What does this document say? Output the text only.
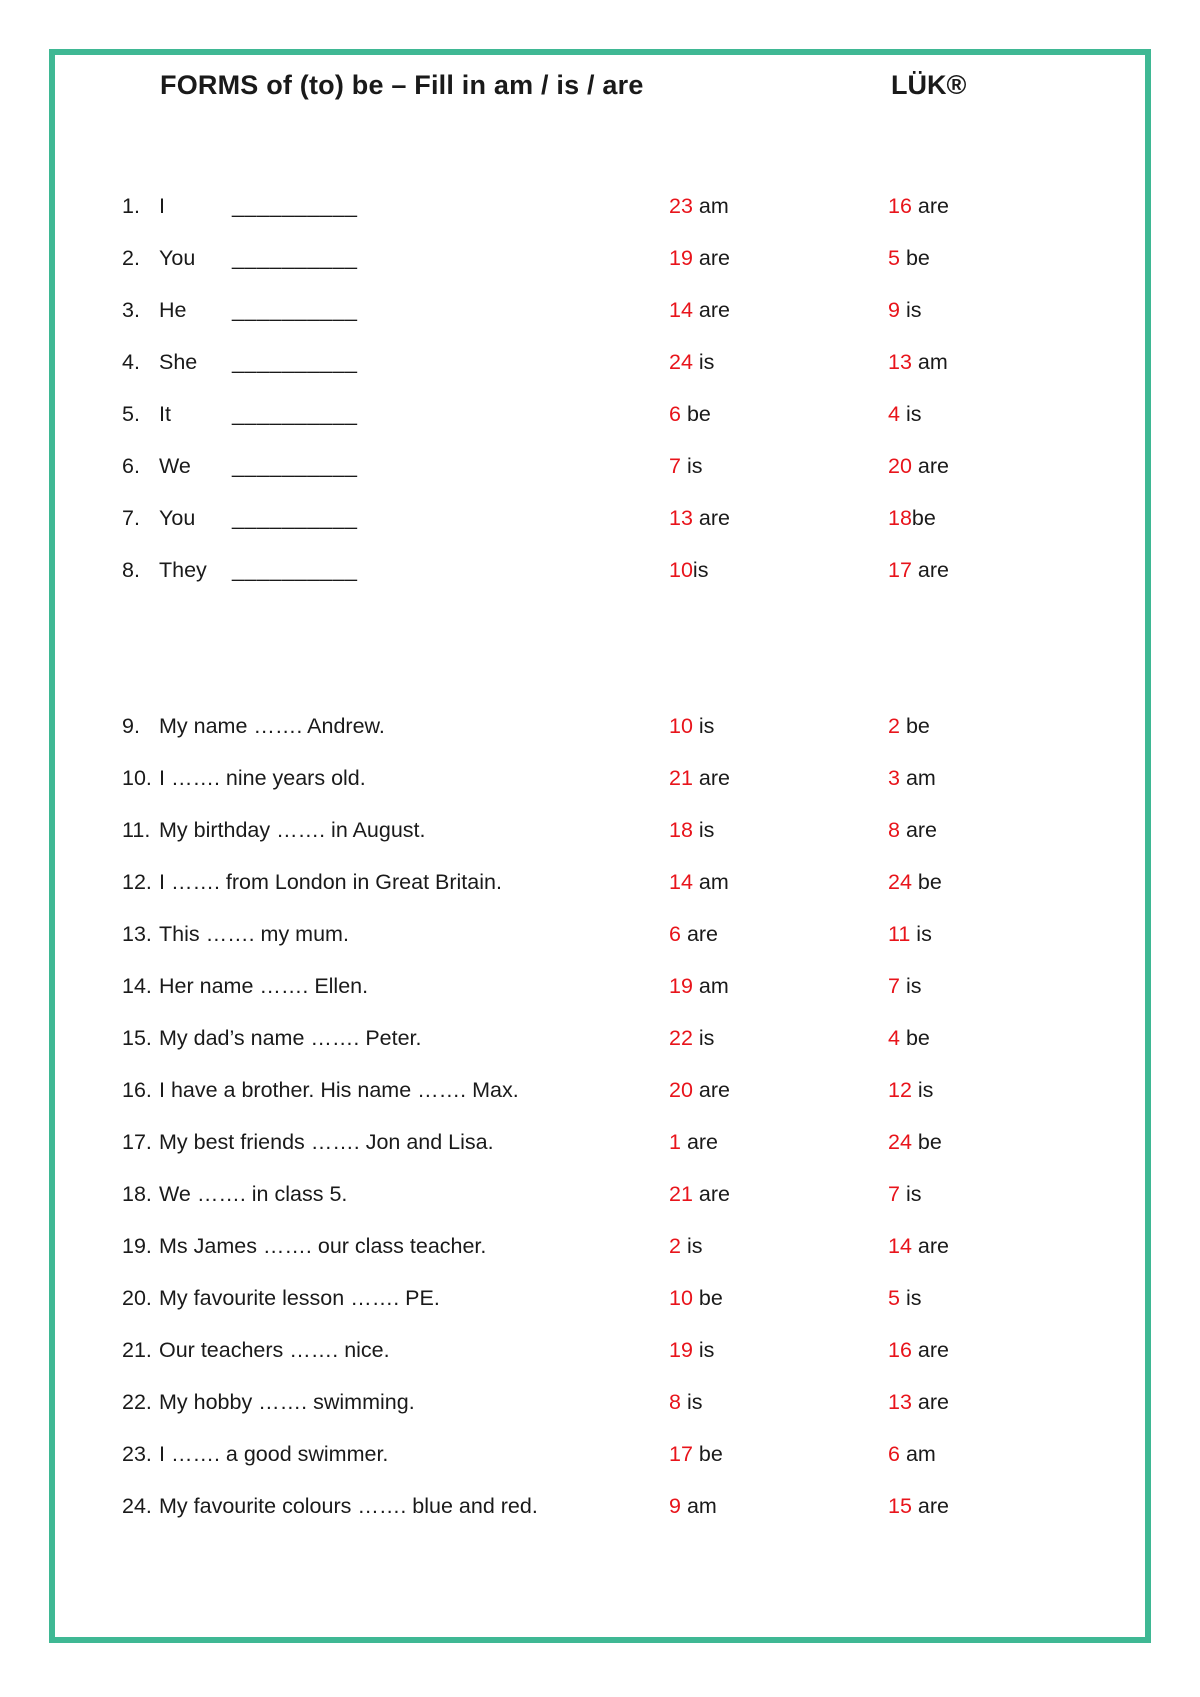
FORMS of (to) be – Fill in am / is / are	LÜK®
1. I	__________	23 am	16 are
2. You __________	19 are	5 be
3. He __________	14 are	9 is
4. She __________	24 is	13 am
5. It	__________	6 be	4 is
6. We __________	7 is	20 are
7. You __________	13 are	18be
8. They __________	10is	17 are
9. My name ……. Andrew.	10 is	2 be
10. I ……. nine years old.	21 are	3 am
11. My birthday ……. in August.	18 is	8 are
12. I ……. from London in Great Britain.	14 am	24 be
13. This ……. my mum.	6 are	11 is
14. Her name ……. Ellen.	19 am	7 is
15. My dad’s name ……. Peter.	22 is	4 be
16. I have a brother. His name ……. Max.	20 are	12 is
17. My best friends ……. Jon and Lisa.	1 are	24 be
18. We ……. in class 5.	21 are	7 is
19. Ms James ……. our class teacher.	2 is	14 are
20. My favourite lesson ……. PE.	10 be	5 is
21. Our teachers ……. nice.	19 is	16 are
22. My hobby ……. swimming.	8 is	13 are
23. I ……. a good swimmer.	17 be	6 am
24. My favourite colours ……. blue and red.	9 am	15 are
